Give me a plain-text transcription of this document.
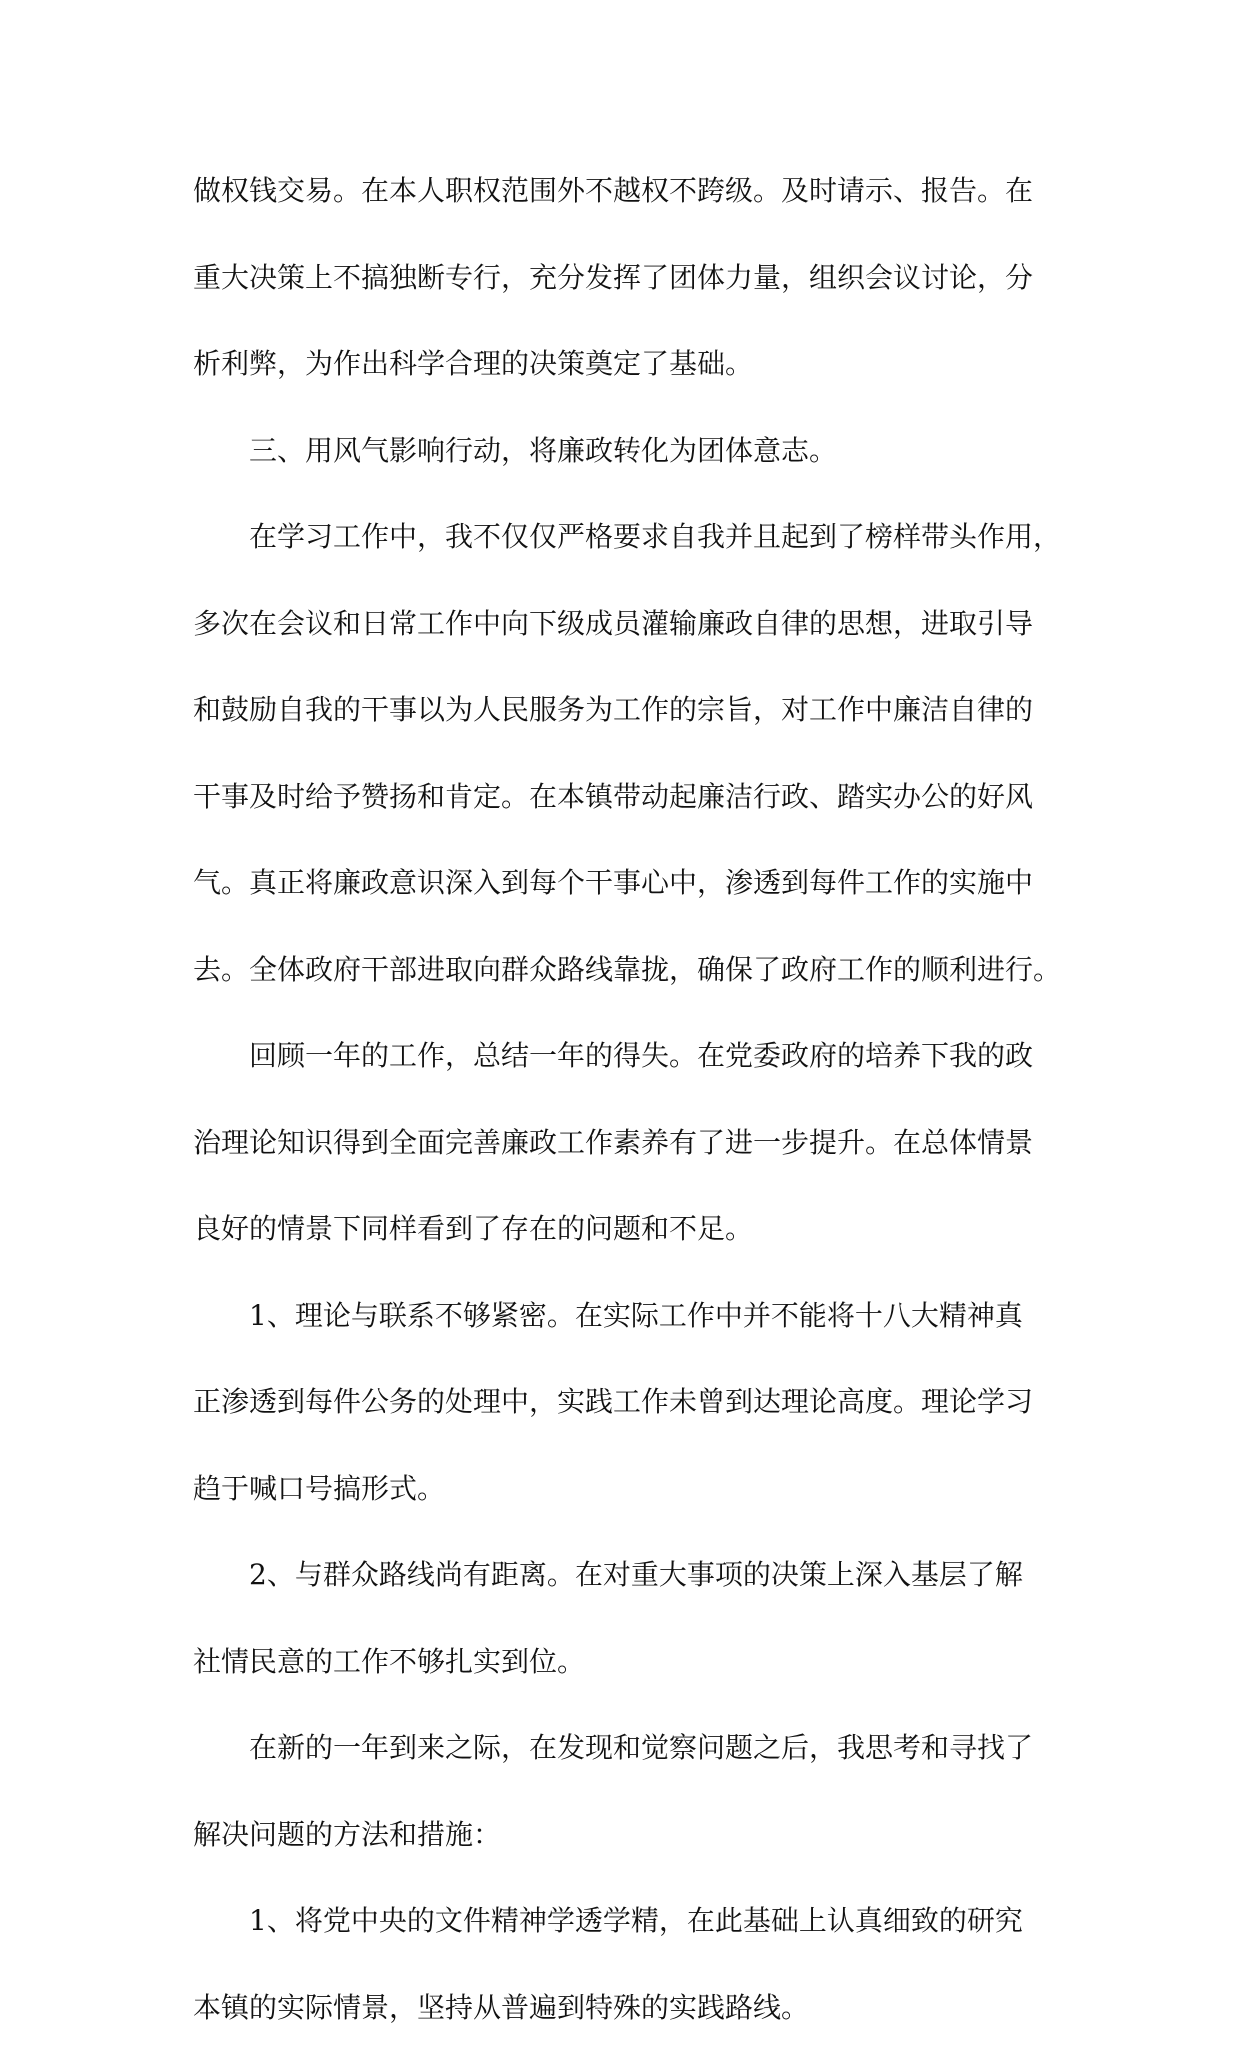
做权钱交易。在本人职权范围外不越权不跨级。及时请示、报告。在
重大决策上不搞独断专行，充分发挥了团体力量，组织会议讨论，分
析利弊，为作出科学合理的决策奠定了基础。
三、用风气影响行动，将廉政转化为团体意志。
在学习工作中，我不仅仅严格要求自我并且起到了榜样带头作用，
多次在会议和日常工作中向下级成员灌输廉政自律的思想，进取引导
和鼓励自我的干事以为人民服务为工作的宗旨，对工作中廉洁自律的
干事及时给予赞扬和肯定。在本镇带动起廉洁行政、踏实办公的好风
气。真正将廉政意识深入到每个干事心中，渗透到每件工作的实施中
去。全体政府干部进取向群众路线靠拢，确保了政府工作的顺利进行。
回顾一年的工作，总结一年的得失。在党委政府的培养下我的政
治理论知识得到全面完善廉政工作素养有了进一步提升。在总体情景
良好的情景下同样看到了存在的问题和不足。
1、理论与联系不够紧密。在实际工作中并不能将十八大精神真
正渗透到每件公务的处理中，实践工作未曾到达理论高度。理论学习
趋于喊口号搞形式。
2、与群众路线尚有距离。在对重大事项的决策上深入基层了解
社情民意的工作不够扎实到位。
在新的一年到来之际，在发现和觉察问题之后，我思考和寻找了
解决问题的方法和措施：
1、将党中央的文件精神学透学精，在此基础上认真细致的研究
本镇的实际情景，坚持从普遍到特殊的实践路线。
